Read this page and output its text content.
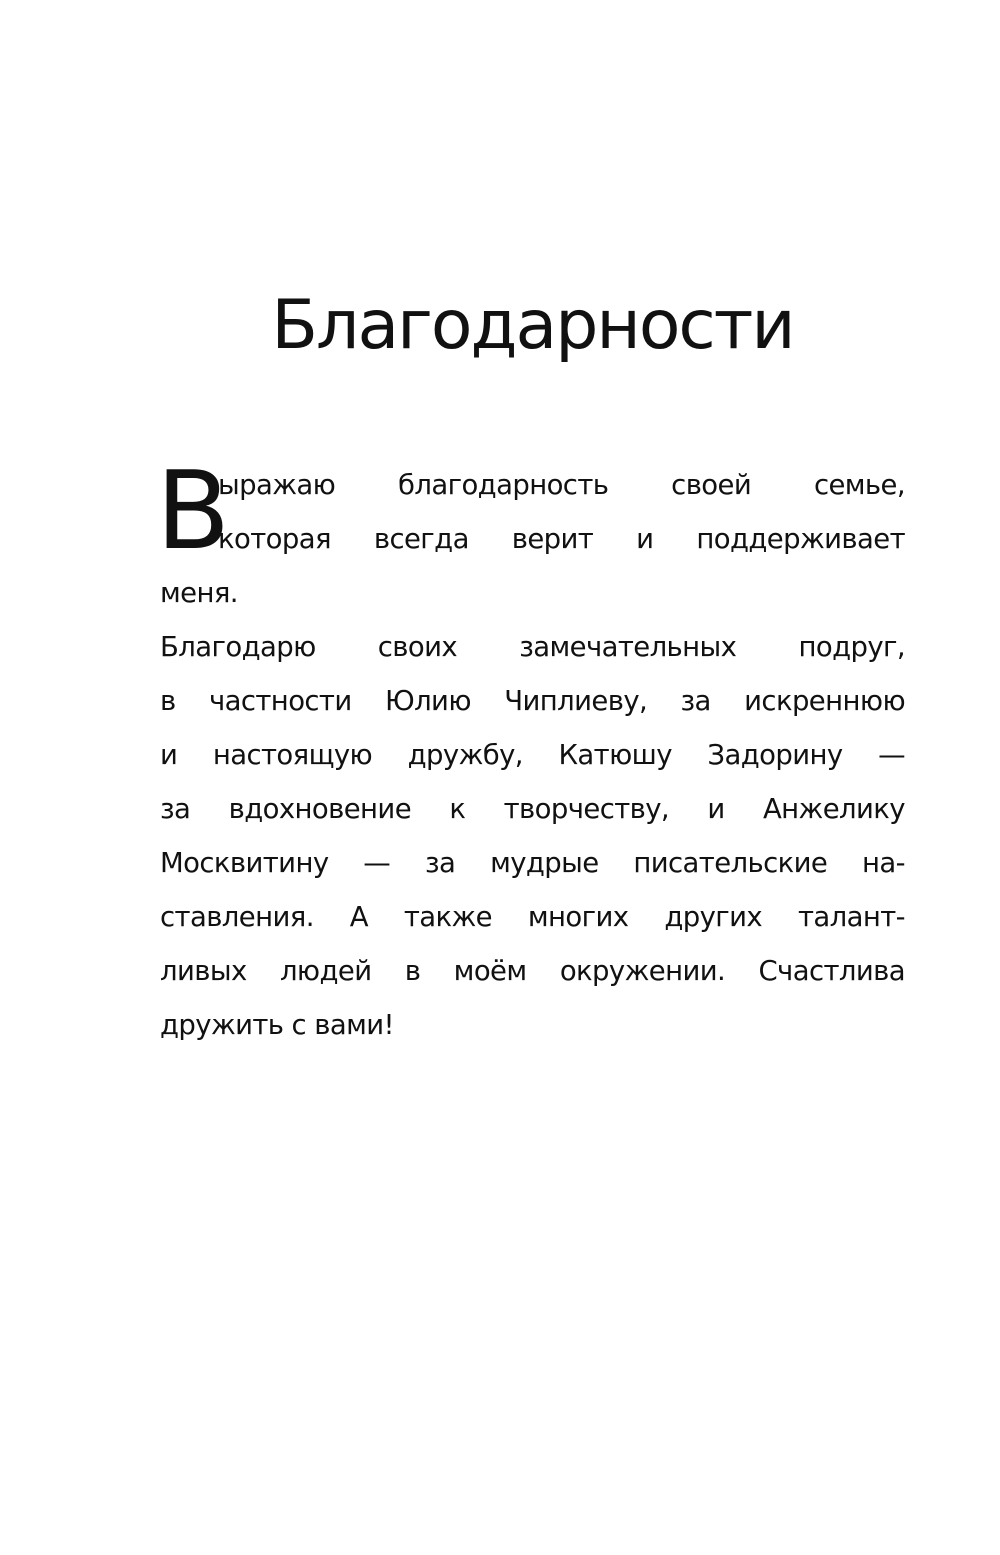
Благодарности
В
ыражаю благодарность своей семье,
которая всегда верит и поддерживает
меня.
Благодарю своих замечательных подруг,
в частности Юлию Чиплиеву, за искреннюю
и настоящую дружбу, Катюшу Задорину —
за вдохновение к творчеству, и Анжелику
Москвитину — за мудрые писательские на-
ставления. А также многих других талант-
ливых людей в моём окружении. Счастлива
дружить с вами!
